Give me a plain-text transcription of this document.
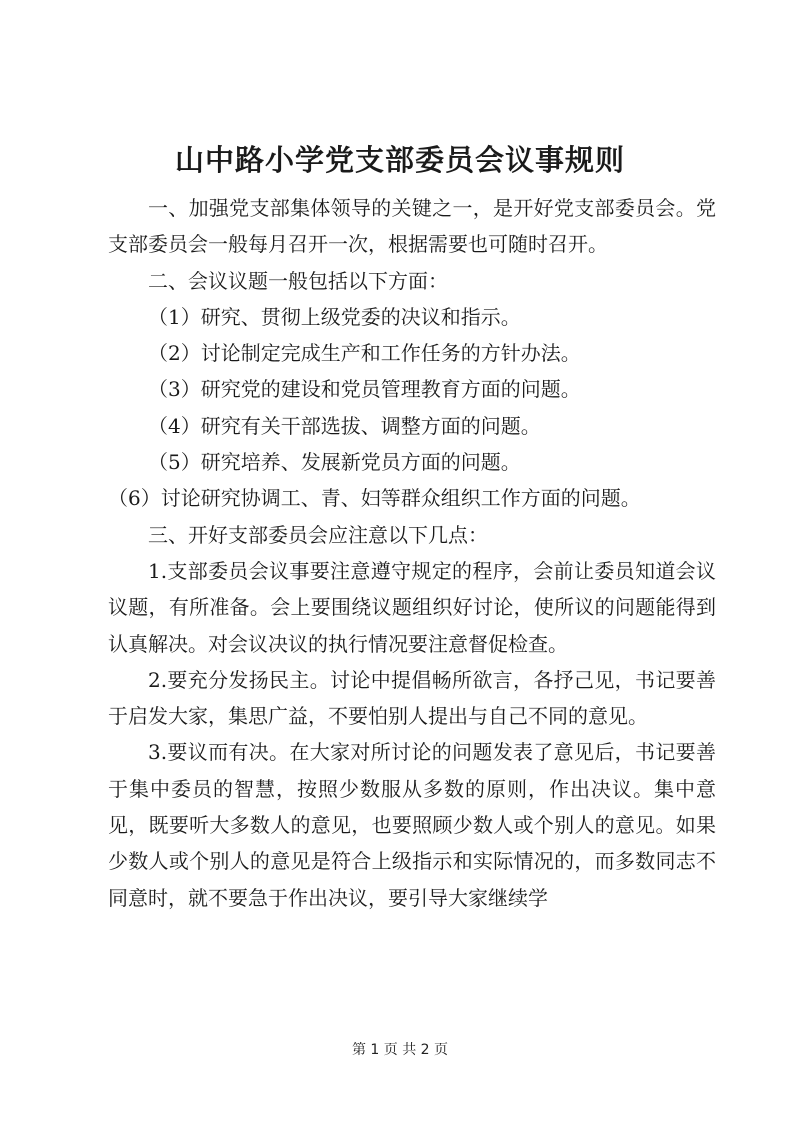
山中路小学党支部委员会议事规则

一、加强党支部集体领导的关键之一，是开好党支部委员会。党支部委员会一般每月召开一次，根据需要也可随时召开。

二、会议议题一般包括以下方面：

（1）研究、贯彻上级党委的决议和指示。

（2）讨论制定完成生产和工作任务的方针办法。

（3）研究党的建设和党员管理教育方面的问题。

（4）研究有关干部选拔、调整方面的问题。

（5）研究培养、发展新党员方面的问题。

（6）讨论研究协调工、青、妇等群众组织工作方面的问题。

三、开好支部委员会应注意以下几点：

1.支部委员会议事要注意遵守规定的程序，会前让委员知道会议议题，有所准备。会上要围绕议题组织好讨论，使所议的问题能得到认真解决。对会议决议的执行情况要注意督促检查。

2.要充分发扬民主。讨论中提倡畅所欲言，各抒己见，书记要善于启发大家，集思广益，不要怕别人提出与自己不同的意见。

3.要议而有决。在大家对所讨论的问题发表了意见后，书记要善于集中委员的智慧，按照少数服从多数的原则，作出决议。集中意见，既要听大多数人的意见，也要照顾少数人或个别人的意见。如果少数人或个别人的意见是符合上级指示和实际情况的，而多数同志不同意时，就不要急于作出决议，要引导大家继续学

第 1 页 共 2 页
